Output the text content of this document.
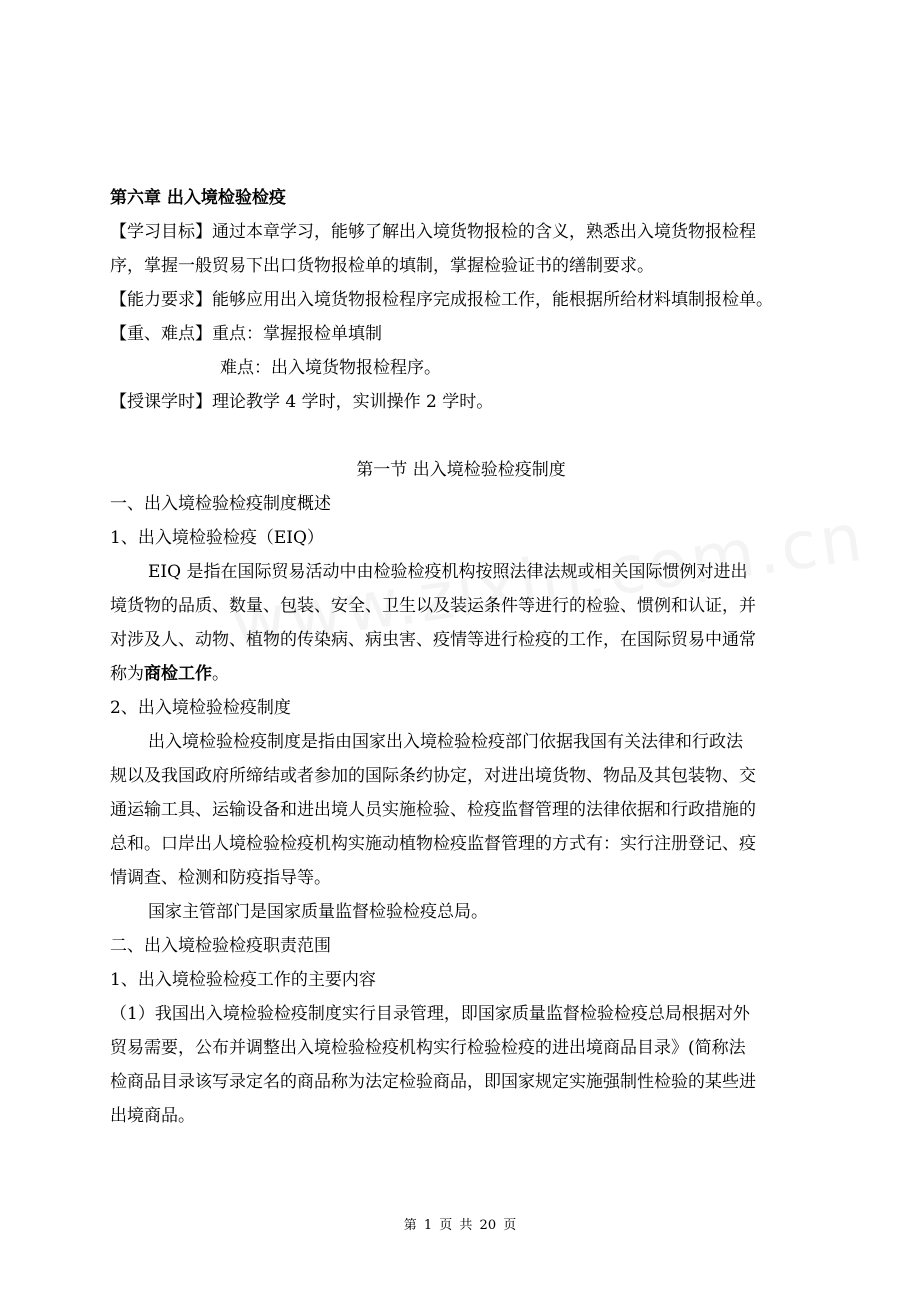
第六章 出入境检验检疫
【学习目标】通过本章学习，能够了解出入境货物报检的含义，熟悉出入境货物报检程
序，掌握一般贸易下出口货物报检单的填制，掌握检验证书的缮制要求。
【能力要求】能够应用出入境货物报检程序完成报检工作，能根据所给材料填制报检单。
【重、难点】重点：掌握报检单填制
难点：出入境货物报检程序。
【授课学时】理论教学 4 学时，实训操作 2 学时。
第一节 出入境检验检疫制度
一、出入境检验检疫制度概述
1、出入境检验检疫（EIQ）
EIQ 是指在国际贸易活动中由检验检疫机构按照法律法规或相关国际惯例对进出
境货物的品质、数量、包装、安全、卫生以及装运条件等进行的检验、惯例和认证，并
对涉及人、动物、植物的传染病、病虫害、疫情等进行检疫的工作，在国际贸易中通常
称为商检工作。
2、出入境检验检疫制度
出入境检验检疫制度是指由国家出入境检验检疫部门依据我国有关法律和行政法
规以及我国政府所缔结或者参加的国际条约协定，对进出境货物、物品及其包装物、交
通运输工具、运输设备和进出境人员实施检验、检疫监督管理的法律依据和行政措施的
总和。口岸出人境检验检疫机构实施动植物检疫监督管理的方式有：实行注册登记、疫
情调查、检测和防疫指导等。
国家主管部门是国家质量监督检验检疫总局。
二、出入境检验检疫职责范围
1、出入境检验检疫工作的主要内容
（1）我国出入境检验检疫制度实行目录管理，即国家质量监督检验检疫总局根据对外
贸易需要，公布并调整出入境检验检疫机构实行检验检疫的进出境商品目录》(简称法
检商品目录该写录定名的商品称为法定检验商品，即国家规定实施强制性检验的某些进
出境商品。
第 1 页 共 20 页
